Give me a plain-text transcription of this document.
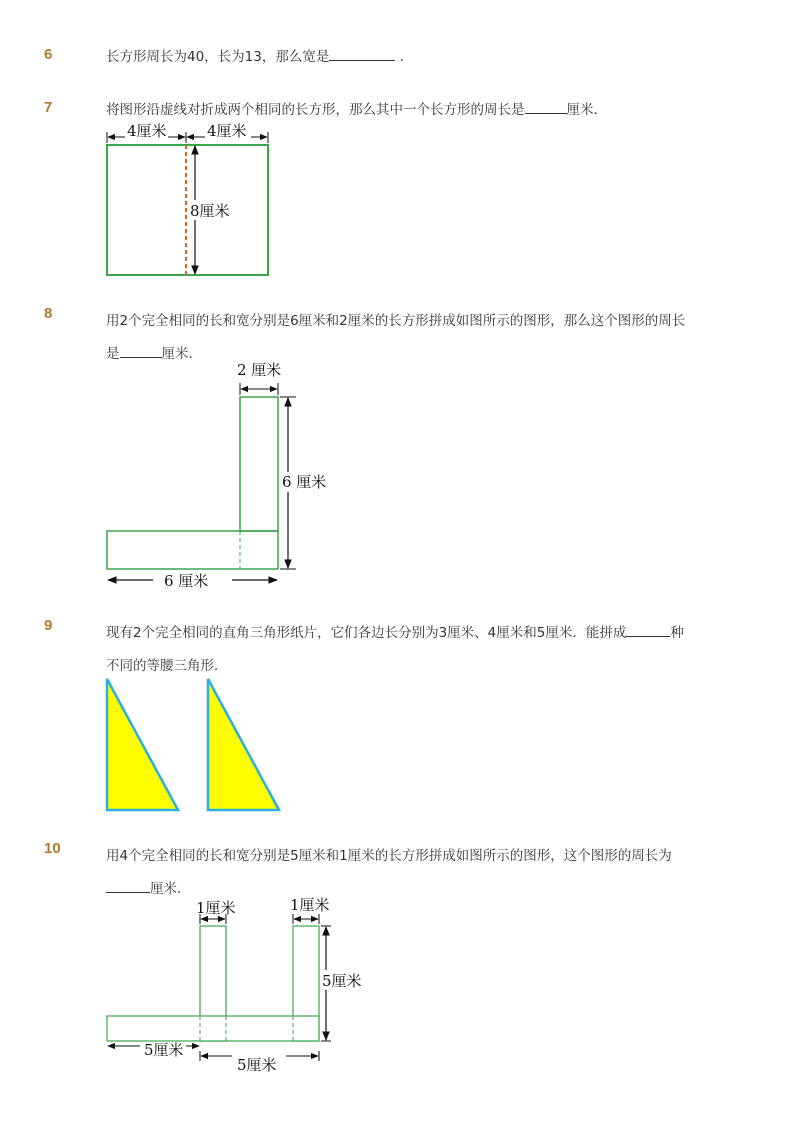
6	长方形周长为40，长为13，那么宽是	.
7	将图形沿虚线对折成两个相同的长方形，那么其中一个长方形的周长是	厘米．
4厘米	4厘米
8厘米
2 厘米
6 厘米
6 厘米
1厘米	1厘米
5厘米
5厘米
5厘米
8	用2个完全相同的长和宽分别是6厘米和2厘米的长方形拼成如图所示的图形，那么这个图形的周长
是	厘米．
9	现有2个完全相同的直角三角形纸片，它们各边长分别为3厘米、4厘米和5厘米．能拼成	种
不同的等腰三角形．
10	用4个完全相同的长和宽分别是5厘米和1厘米的长方形拼成如图所示的图形，这个图形的周长为
厘米．
